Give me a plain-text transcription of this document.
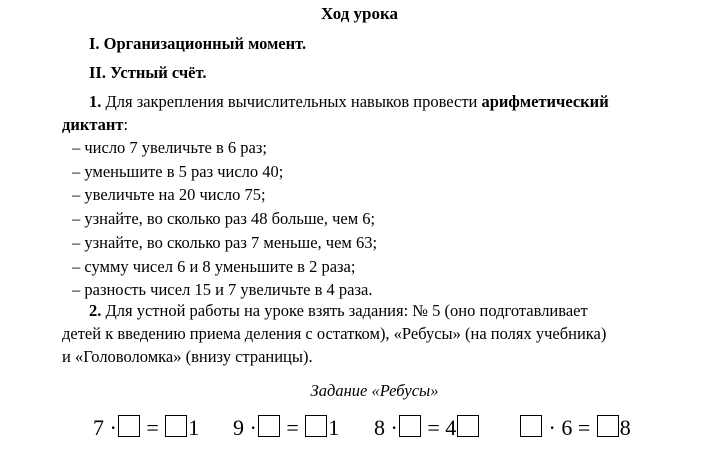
Ход урока
I. Организационный момент.
II. Устный счёт.
1. Для закрепления вычислительных навыков провести арифметический
диктант:
– число 7 увеличьте в 6 раз;
– уменьшите в 5 раз число 40;
– увеличьте на 20 число 75;
– узнайте, во сколько раз 48 больше, чем 6;
– узнайте, во сколько раз 7 меньше, чем 63;
– сумму чисел 6 и 8 уменьшите в 2 раза;
– разность чисел 15 и 7 увеличьте в 4 раза.
2. Для устной работы на уроке взять задания: № 5 (оно подготавливает
детей к введению приема деления с остатком), «Ребусы» (на полях учебника)
и «Головоломка» (внизу страницы).
Задание «Ребусы»
7 · = 1 9 · = 1 8 · = 4	· 6 = 8
